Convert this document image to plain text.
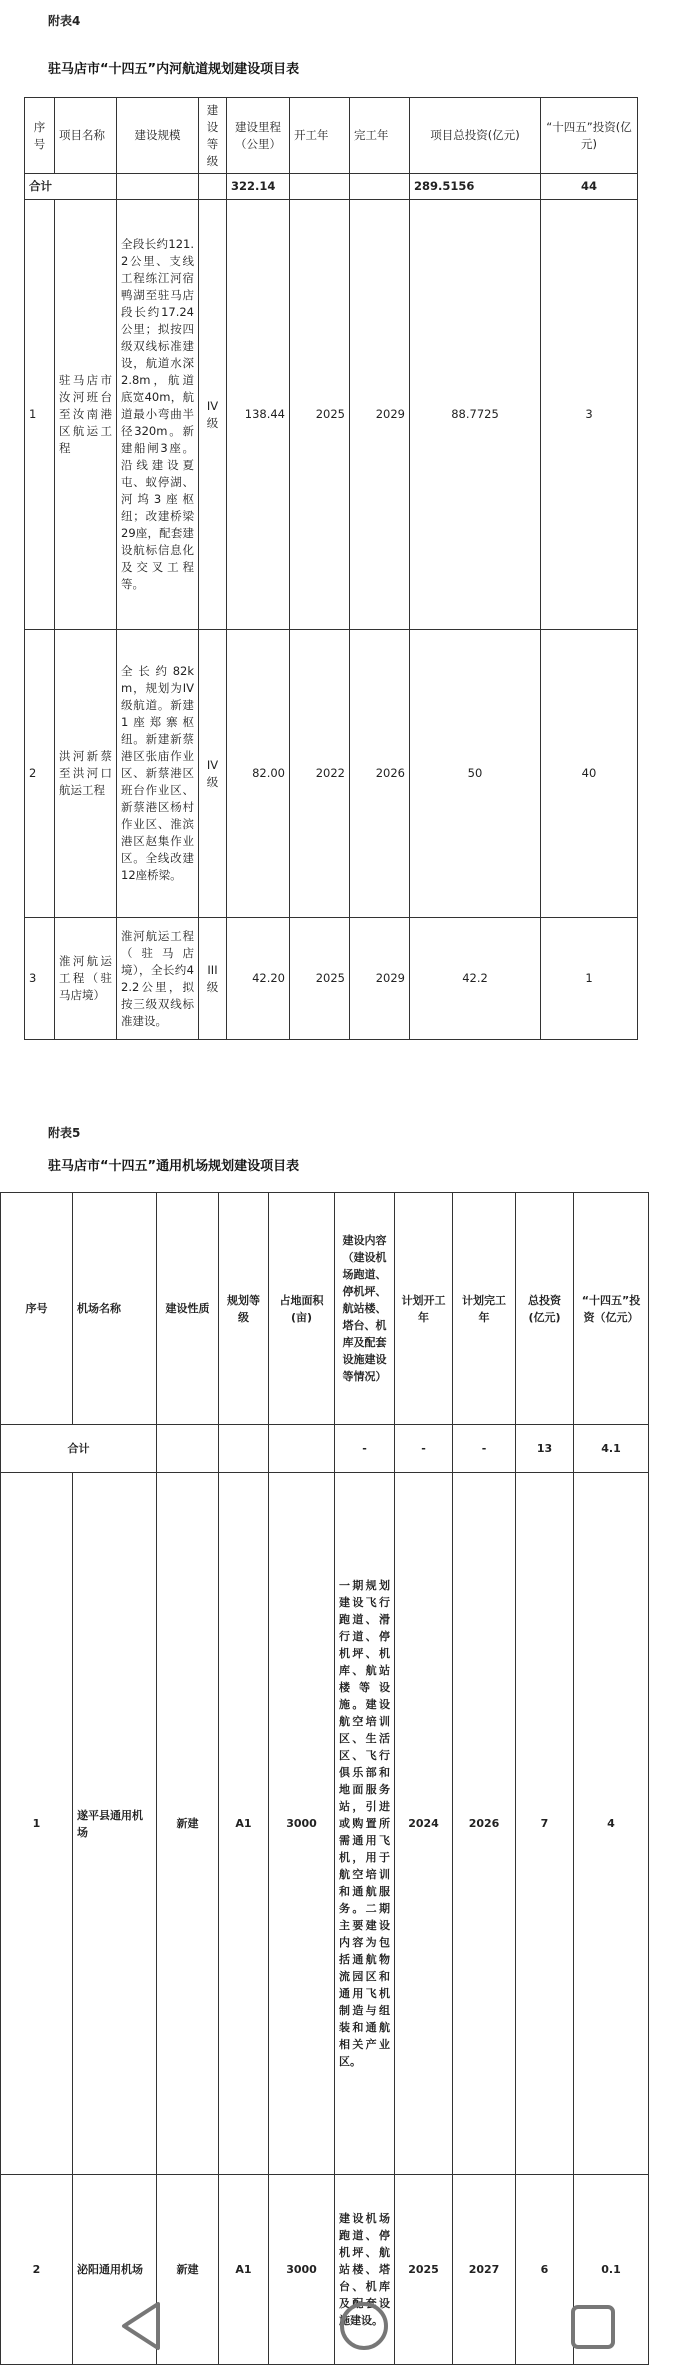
附表4
驻马店市“十四五”内河航道规划建设项目表
序号	项目名称	建设规模	建设等级	建设里程（公里）	开工年	完工年	项目总投资(亿元)	“十四五”投资(亿元)
合计				322.14			289.5156	44
1	驻马店市汝河班台至汝南港区航运工程	全段长约121.2公里、支线工程练江河宿鸭湖至驻马店段长约17.24公里；拟按四级双线标准建设，航道水深2.8m，航道底宽40m，航道最小弯曲半径320m。新建船闸3座。沿线建设夏屯、蚁停湖、河坞3座枢纽；改建桥梁29座，配套建设航标信息化及交叉工程等。	IV级	138.44	2025	2029	88.7725	3
2	洪河新蔡至洪河口航运工程	全长约82km，规划为IV级航道。新建1座郑寨枢纽。新建新蔡港区张庙作业区、新蔡港区班台作业区、新蔡港区杨村作业区、淮滨港区赵集作业区。全线改建12座桥梁。	IV级	82.00	2022	2026	50	40
3	淮河航运工程（驻马店境）	淮河航运工程（驻马店境），全长约42.2公里，拟按三级双线标准建设。	III级	42.20	2025	2029	42.2	1
附表5
驻马店市“十四五”通用机场规划建设项目表
序号	机场名称	建设性质	规划等级	占地面积(亩)	建设内容（建设机场跑道、停机坪、航站楼、塔台、机库及配套设施建设等情况）	计划开工年	计划完工年	总投资(亿元)	“十四五”投资（亿元）
合计					-	-	-	13	4.1
1	遂平县通用机场	新建	A1	3000	一期规划建设飞行跑道、滑行道、停机坪、机库、航站楼等设施。建设航空培训区、生活区、飞行俱乐部和地面服务站，引进或购置所需通用飞机，用于航空培训和通航服务。二期主要建设内容为包括通航物流园区和通用飞机制造与组装和通航相关产业区。	2024	2026	7	4
2	泌阳通用机场	新建	A1	3000	建设机场跑道、停机坪、航站楼、塔台、机库及配套设施建设。	2025	2027	6	0.1
